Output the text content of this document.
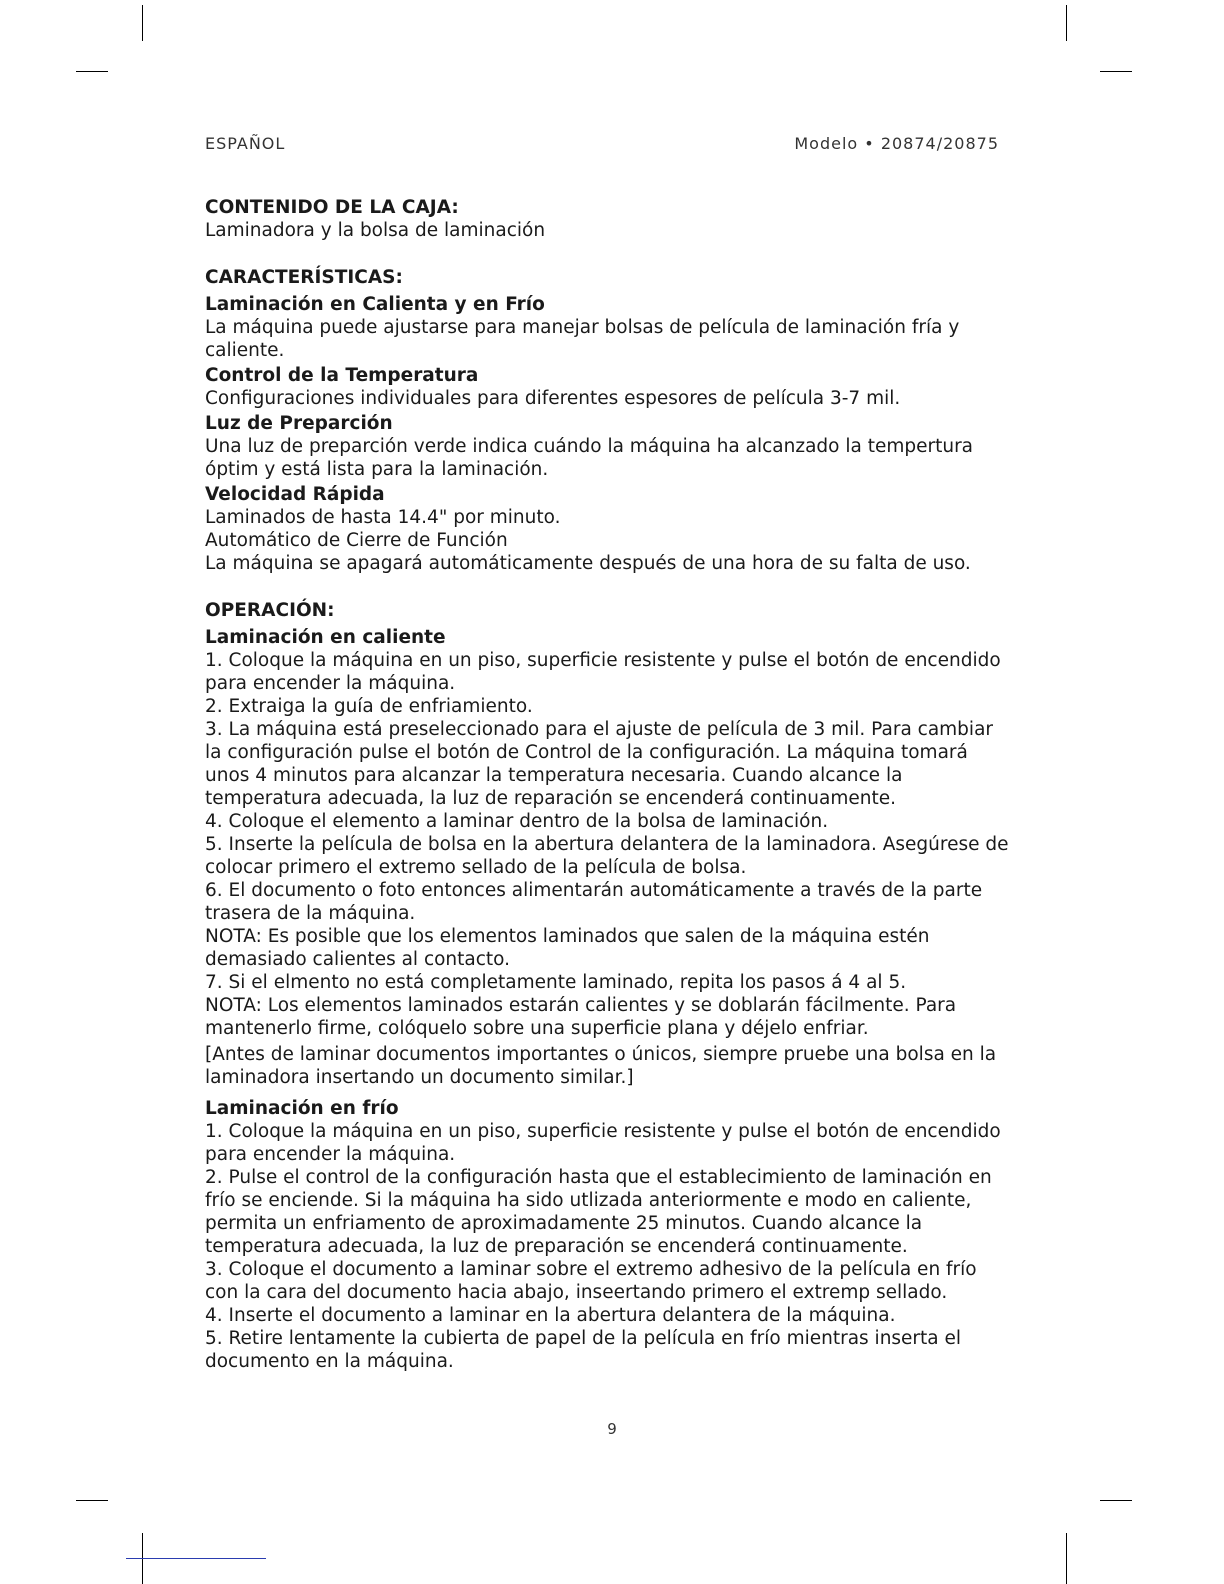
ESPAÑOL	Modelo • 20874/20875
CONTENIDO DE LA CAJA:

Laminadora y la bolsa de laminación

CARACTERÍSTICAS:
Laminación en Calienta y en Frío

La máquina puede ajustarse para manejar bolsas de película de laminación fría y caliente.

Control de la Temperatura

Configuraciones individuales para diferentes espesores de película 3-7 mil.

Luz de Preparción

Una luz de preparción verde indica cuándo la máquina ha alcanzado la tempertura óptim y está lista para la laminación.

Velocidad Rápida

Laminados de hasta 14.4" por minuto.

Automático de Cierre de Función

La máquina se apagará automáticamente después de una hora de su falta de uso.

OPERACIÓN:
Laminación en caliente

1. Coloque la máquina en un piso, superficie resistente y pulse el botón de encendido para encender la máquina.

2. Extraiga la guía de enfriamiento.

3. La máquina está preseleccionado para el ajuste de película de 3 mil. Para cambiar la configuración pulse el botón de Control de la configuración. La máquina tomará unos 4 minutos para alcanzar la temperatura necesaria. Cuando alcance la temperatura adecuada, la luz de reparación se encenderá continuamente.

4. Coloque el elemento a laminar dentro de la bolsa de laminación.

5. Inserte la película de bolsa en la abertura delantera de la laminadora. Asegúrese de colocar primero el extremo sellado de la película de bolsa.

6. El documento o foto entonces alimentarán automáticamente a través de la parte trasera de la máquina.

NOTA: Es posible que los elementos laminados que salen de la máquina estén demasiado calientes al contacto.

7. Si el elmento no está completamente laminado, repita los pasos á 4 al 5.

NOTA: Los elementos laminados estarán calientes y se doblarán fácilmente. Para mantenerlo firme, colóquelo sobre una superficie plana y déjelo enfriar.

[Antes de laminar documentos importantes o únicos, siempre pruebe una bolsa en la laminadora insertando un documento similar.]

Laminación en frío

1. Coloque la máquina en un piso, superficie resistente y pulse el botón de encendido para encender la máquina.

2. Pulse el control de la configuración hasta que el establecimiento de laminación en frío se enciende. Si la máquina ha sido utlizada anteriormente e modo en caliente, permita un enfriamento de aproximadamente 25 minutos. Cuando alcance la temperatura adecuada, la luz de preparación se encenderá continuamente.

3. Coloque el documento a laminar sobre el extremo adhesivo de la película en frío con la cara del documento hacia abajo, inseertando primero el extremp sellado.

4. Inserte el documento a laminar en la abertura delantera de la máquina.

5. Retire lentamente la cubierta de papel de la película en frío mientras inserta el documento en la máquina.

9
